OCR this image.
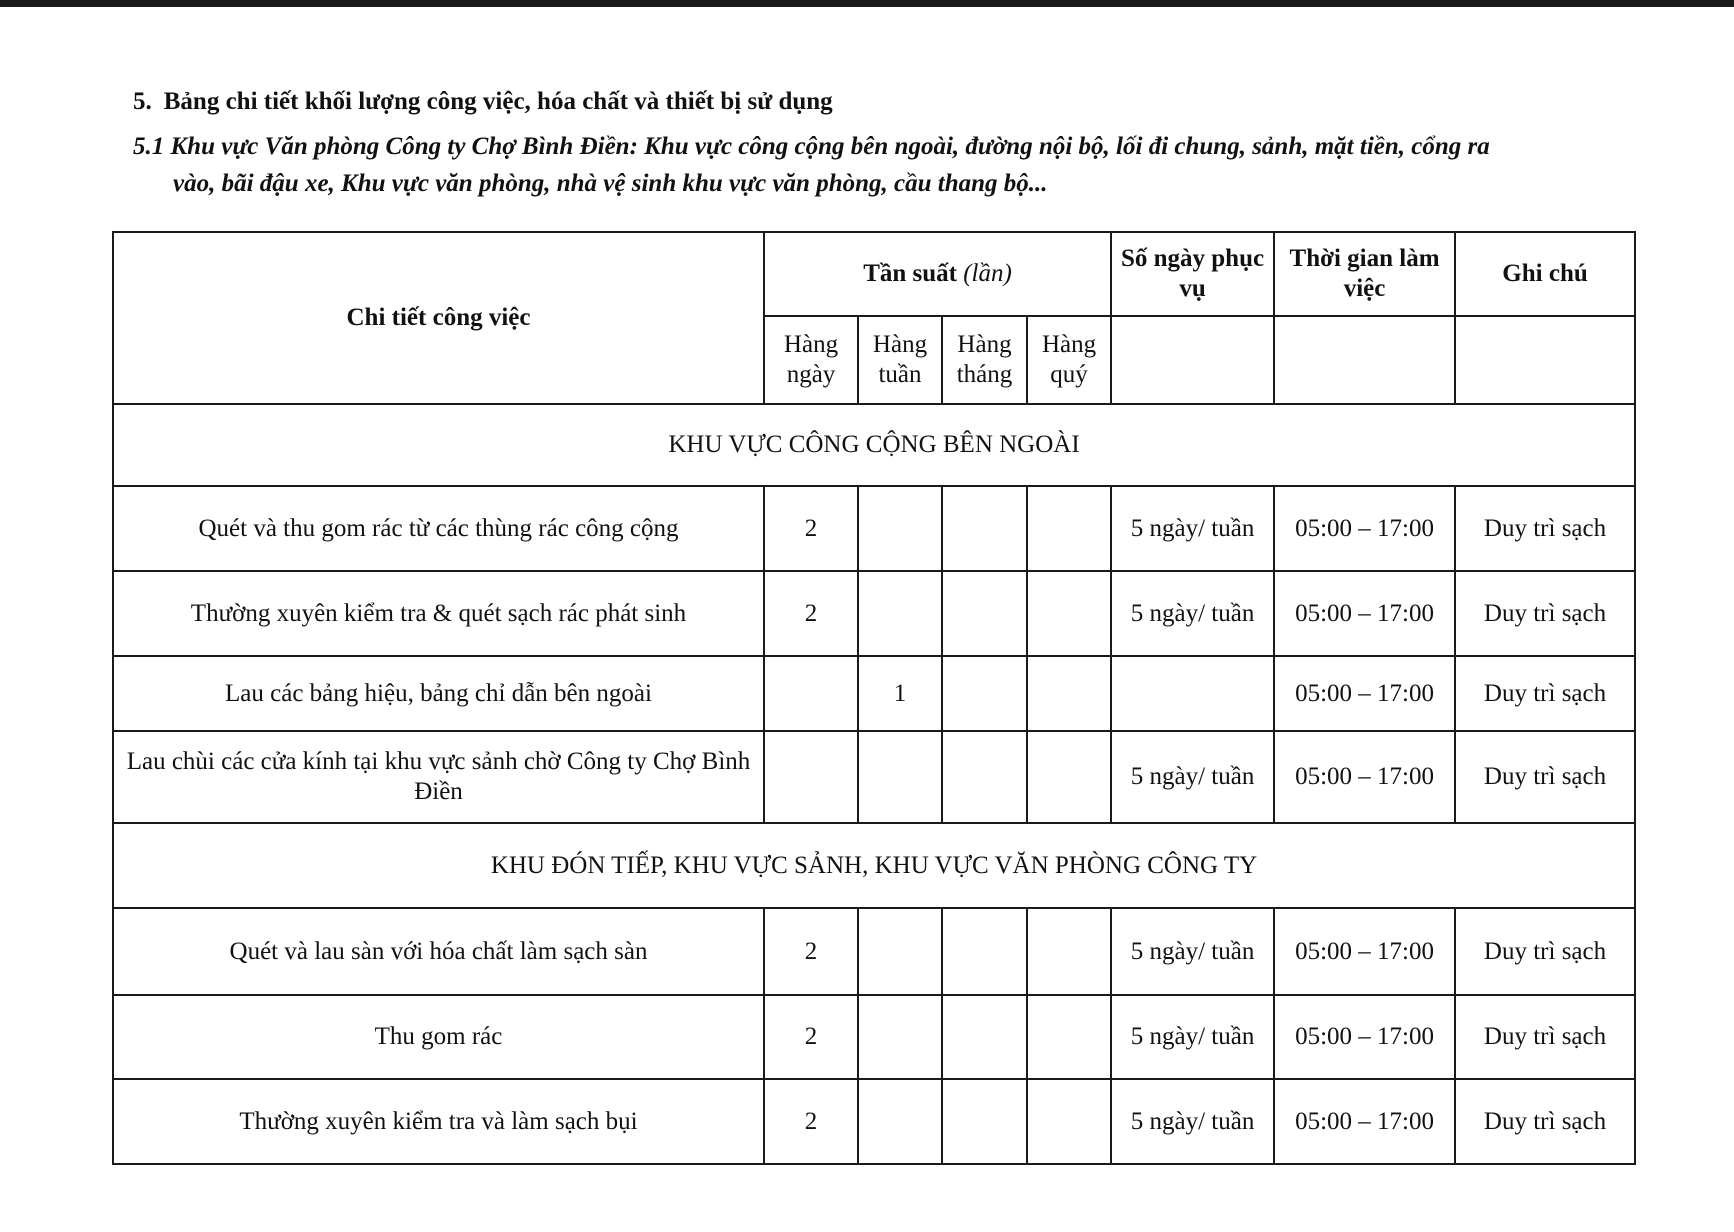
5. Bảng chi tiết khối lượng công việc, hóa chất và thiết bị sử dụng
5.1 Khu vực Văn phòng Công ty Chợ Bình Điền: Khu vực công cộng bên ngoài, đường nội bộ, lối đi chung, sảnh, mặt tiền, cổng ra
vào, bãi đậu xe, Khu vực văn phòng, nhà vệ sinh khu vực văn phòng, cầu thang bộ...
Chi tiết công việc	Tần suất (lần)				Số ngày phục vụ	Thời gian làm việc	Ghi chú
	Hàng ngày	Hàng tuần	Hàng tháng	Hàng quý			
KHU VỰC CÔNG CỘNG BÊN NGOÀI							
Quét và thu gom rác từ các thùng rác công cộng	2				5 ngày/ tuần	05:00 – 17:00	Duy trì sạch
Thường xuyên kiểm tra & quét sạch rác phát sinh	2				5 ngày/ tuần	05:00 – 17:00	Duy trì sạch
Lau các bảng hiệu, bảng chỉ dẫn bên ngoài		1				05:00 – 17:00	Duy trì sạch
Lau chùi các cửa kính tại khu vực sảnh chờ Công ty Chợ Bình Điền					5 ngày/ tuần	05:00 – 17:00	Duy trì sạch
KHU ĐÓN TIẾP, KHU VỰC SẢNH, KHU VỰC VĂN PHÒNG CÔNG TY							
Quét và lau sàn với hóa chất làm sạch sàn	2				5 ngày/ tuần	05:00 – 17:00	Duy trì sạch
Thu gom rác	2				5 ngày/ tuần	05:00 – 17:00	Duy trì sạch
Thường xuyên kiểm tra và làm sạch bụi	2				5 ngày/ tuần	05:00 – 17:00	Duy trì sạch
